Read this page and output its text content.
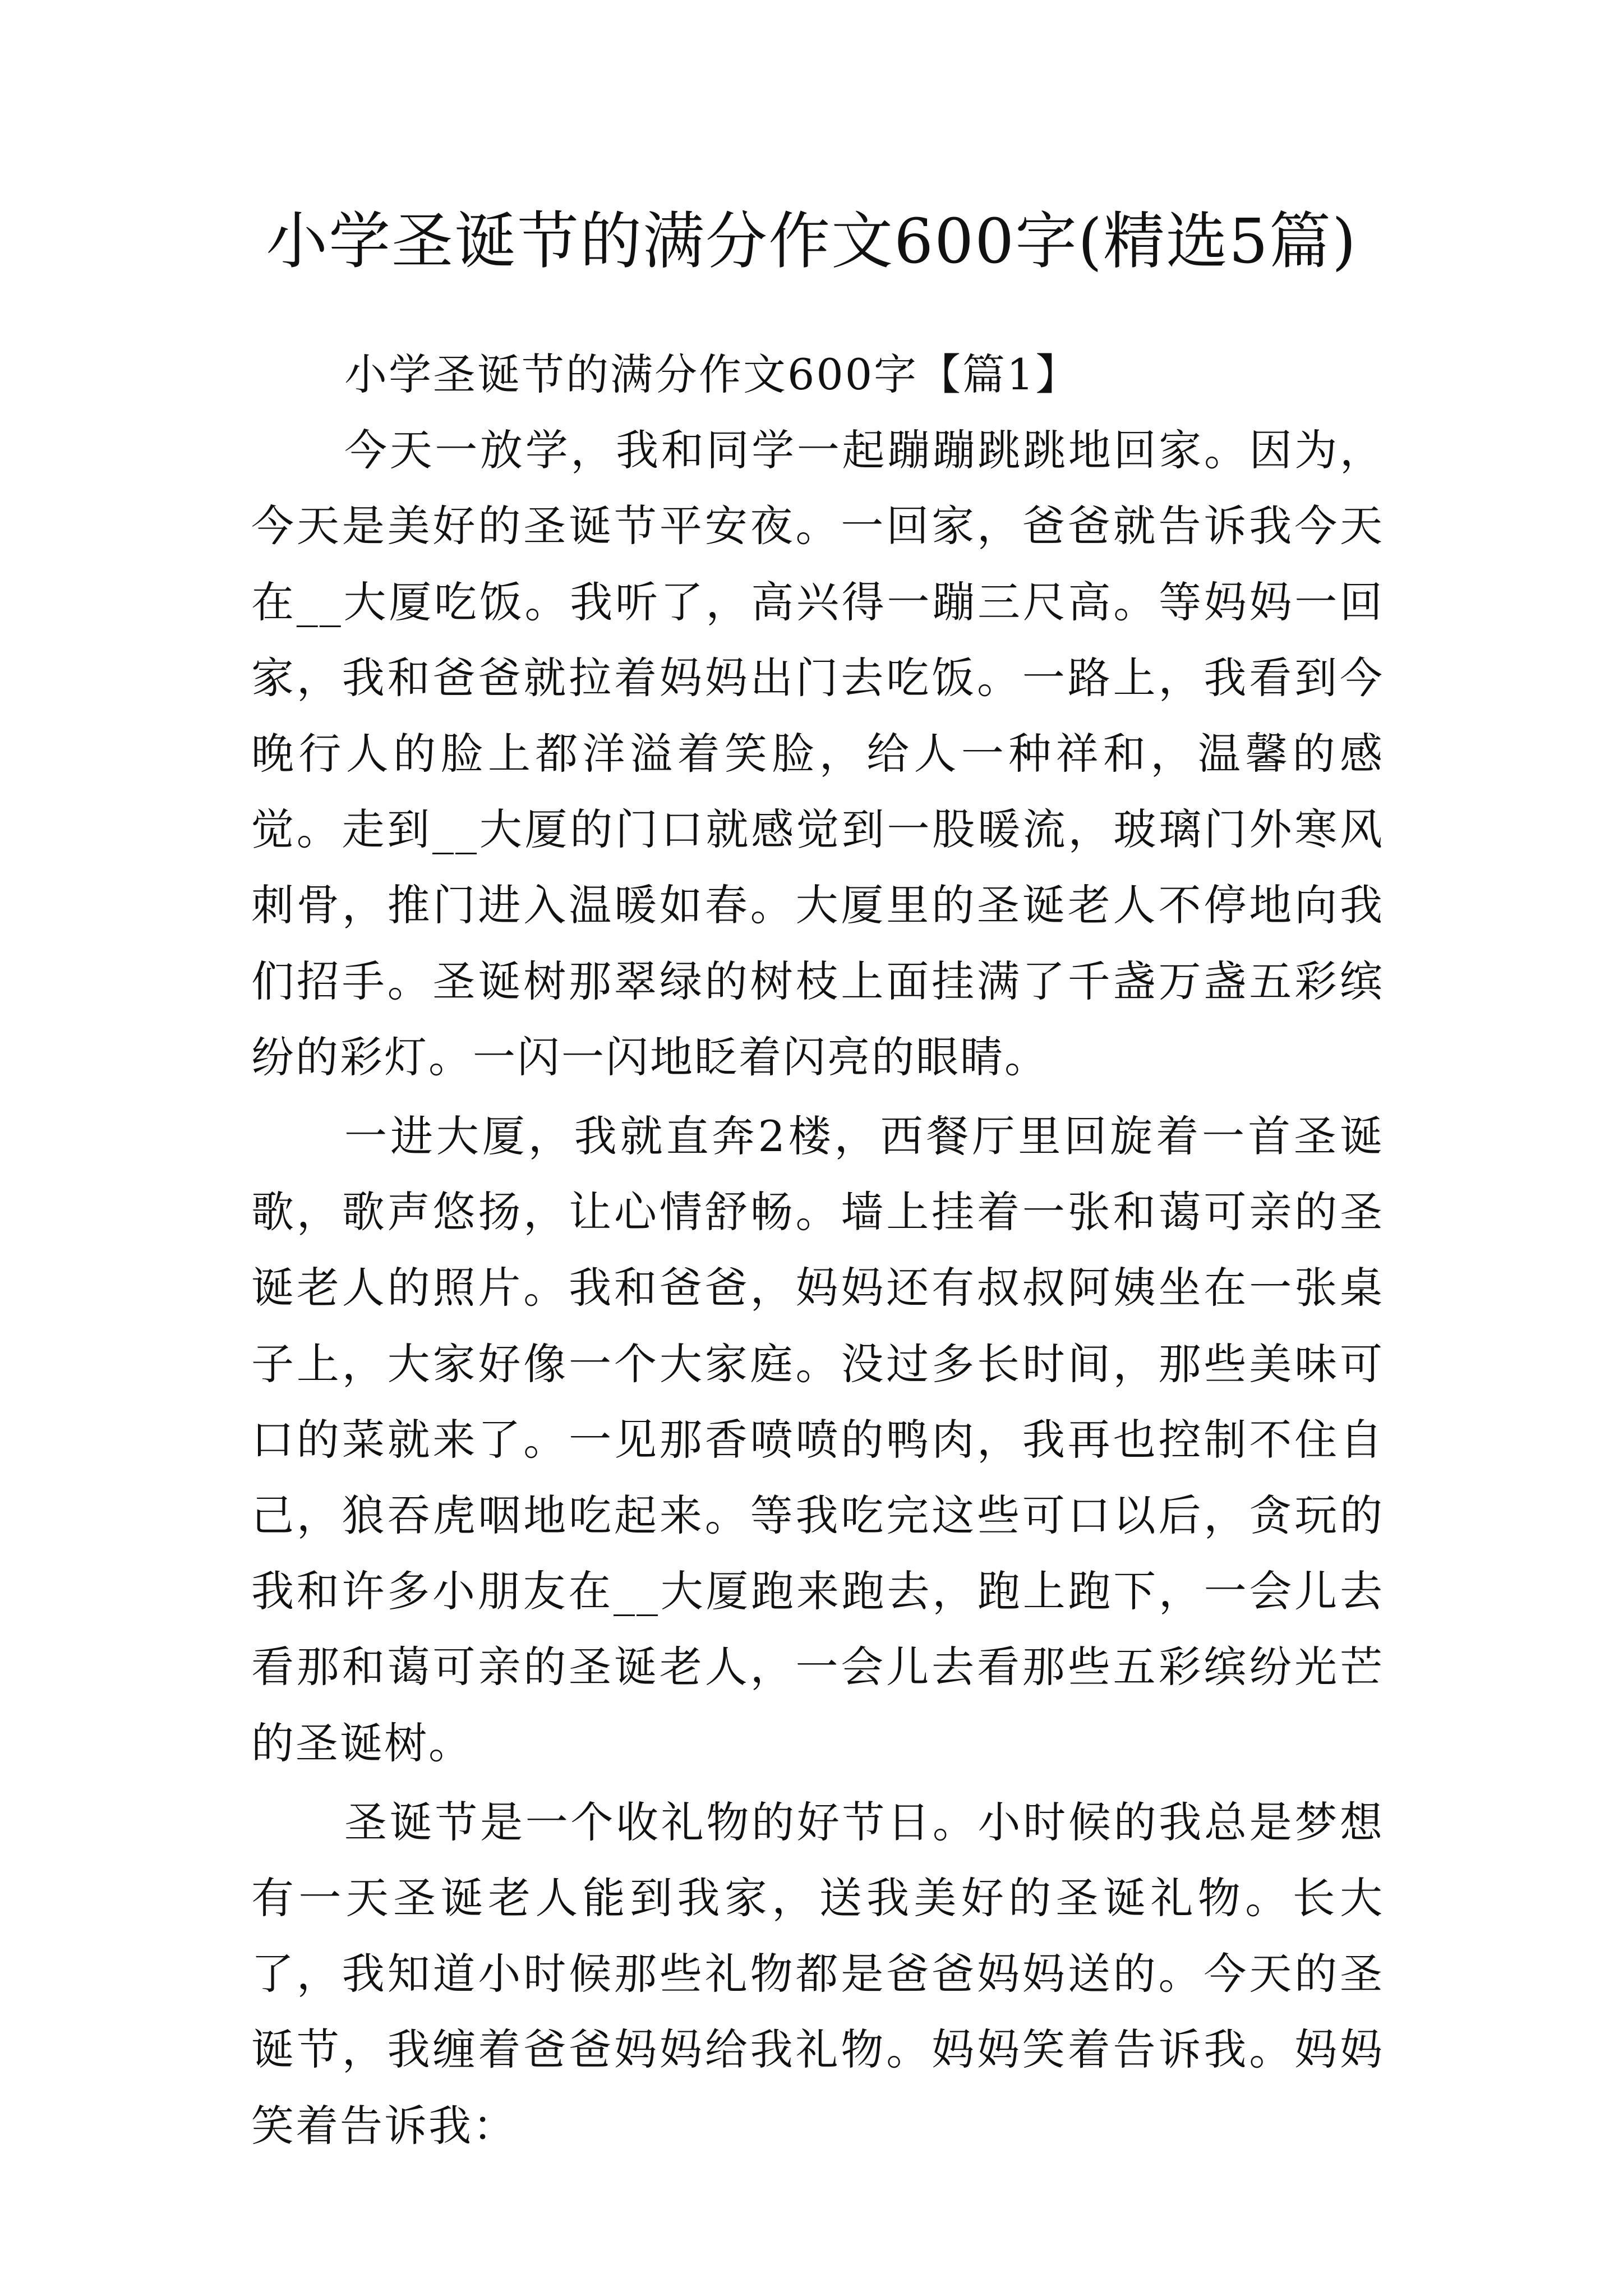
小学圣诞节的满分作文600字(精选5篇)

小学圣诞节的满分作文600字【篇1】

今天一放学，我和同学一起蹦蹦跳跳地回家。因为，今天是美好的圣诞节平安夜。一回家，爸爸就告诉我今天在__大厦吃饭。我听了，高兴得一蹦三尺高。等妈妈一回家，我和爸爸就拉着妈妈出门去吃饭。一路上，我看到今晚行人的脸上都洋溢着笑脸，给人一种祥和，温馨的感觉。走到__大厦的门口就感觉到一股暖流，玻璃门外寒风刺骨，推门进入温暖如春。大厦里的圣诞老人不停地向我们招手。圣诞树那翠绿的树枝上面挂满了千盏万盏五彩缤纷的彩灯。一闪一闪地眨着闪亮的眼睛。

一进大厦，我就直奔2楼，西餐厅里回旋着一首圣诞歌，歌声悠扬，让心情舒畅。墙上挂着一张和蔼可亲的圣诞老人的照片。我和爸爸，妈妈还有叔叔阿姨坐在一张桌子上，大家好像一个大家庭。没过多长时间，那些美味可口的菜就来了。一见那香喷喷的鸭肉，我再也控制不住自己，狼吞虎咽地吃起来。等我吃完这些可口以后，贪玩的我和许多小朋友在__大厦跑来跑去，跑上跑下，一会儿去看那和蔼可亲的圣诞老人，一会儿去看那些五彩缤纷光芒的圣诞树。

圣诞节是一个收礼物的好节日。小时候的我总是梦想有一天圣诞老人能到我家，送我美好的圣诞礼物。长大了，我知道小时候那些礼物都是爸爸妈妈送的。今天的圣诞节，我缠着爸爸妈妈给我礼物。妈妈笑着告诉我。妈妈笑着告诉我：
